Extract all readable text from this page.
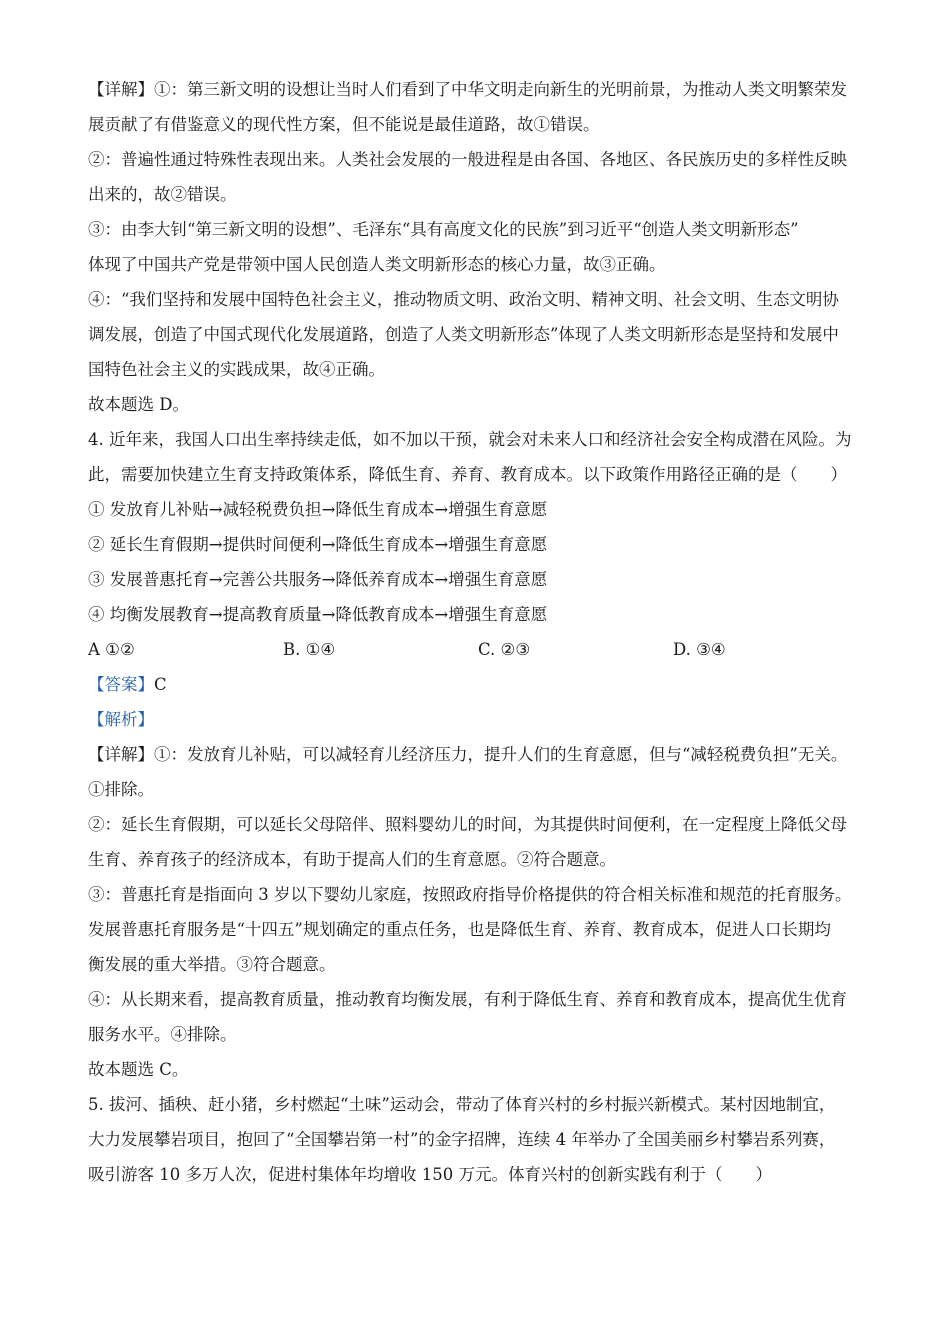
【详解】①：第三新文明的设想让当时人们看到了中华文明走向新生的光明前景，为推动人类文明繁荣发
展贡献了有借鉴意义的现代性方案，但不能说是最佳道路，故①错误。
②：普遍性通过特殊性表现出来。人类社会发展的一般进程是由各国、各地区、各民族历史的多样性反映
出来的，故②错误。
③：由李大钊“第三新文明的设想”、毛泽东“具有高度文化的民族”到习近平“创造人类文明新形态”
体现了中国共产党是带领中国人民创造人类文明新形态的核心力量，故③正确。
④：“我们坚持和发展中国特色社会主义，推动物质文明、政治文明、精神文明、社会文明、生态文明协
调发展，创造了中国式现代化发展道路，创造了人类文明新形态”体现了人类文明新形态是坚持和发展中
国特色社会主义的实践成果，故④正确。
故本题选 D。
4. 近年来，我国人口出生率持续走低，如不加以干预，就会对未来人口和经济社会安全构成潜在风险。为
此，需要加快建立生育支持政策体系，降低生育、养育、教育成本。以下政策作用路径正确的是（　　）
① 发放育儿补贴→减轻税费负担→降低生育成本→增强生育意愿
② 延长生育假期→提供时间便利→降低生育成本→增强生育意愿
③ 发展普惠托育→完善公共服务→降低养育成本→增强生育意愿
④ 均衡发展教育→提高教育质量→降低教育成本→增强生育意愿
A ①②	B. ①④	C. ②③	D. ③④
【答案】C
【解析】
【详解】①：发放育儿补贴，可以减轻育儿经济压力，提升人们的生育意愿，但与“减轻税费负担”无关。
①排除。
②：延长生育假期，可以延长父母陪伴、照料婴幼儿的时间，为其提供时间便利，在一定程度上降低父母
生育、养育孩子的经济成本，有助于提高人们的生育意愿。②符合题意。
③：普惠托育是指面向 3 岁以下婴幼儿家庭，按照政府指导价格提供的符合相关标准和规范的托育服务。
发展普惠托育服务是“十四五”规划确定的重点任务，也是降低生育、养育、教育成本，促进人口长期均
衡发展的重大举措。③符合题意。
④：从长期来看，提高教育质量，推动教育均衡发展，有利于降低生育、养育和教育成本，提高优生优育
服务水平。④排除。
故本题选 C。
5. 拔河、插秧、赶小猪，乡村燃起“土味”运动会，带动了体育兴村的乡村振兴新模式。某村因地制宜，
大力发展攀岩项目，抱回了“全国攀岩第一村”的金字招牌，连续 4 年举办了全国美丽乡村攀岩系列赛，
吸引游客 10 多万人次，促进村集体年均增收 150 万元。体育兴村的创新实践有利于（　　）
